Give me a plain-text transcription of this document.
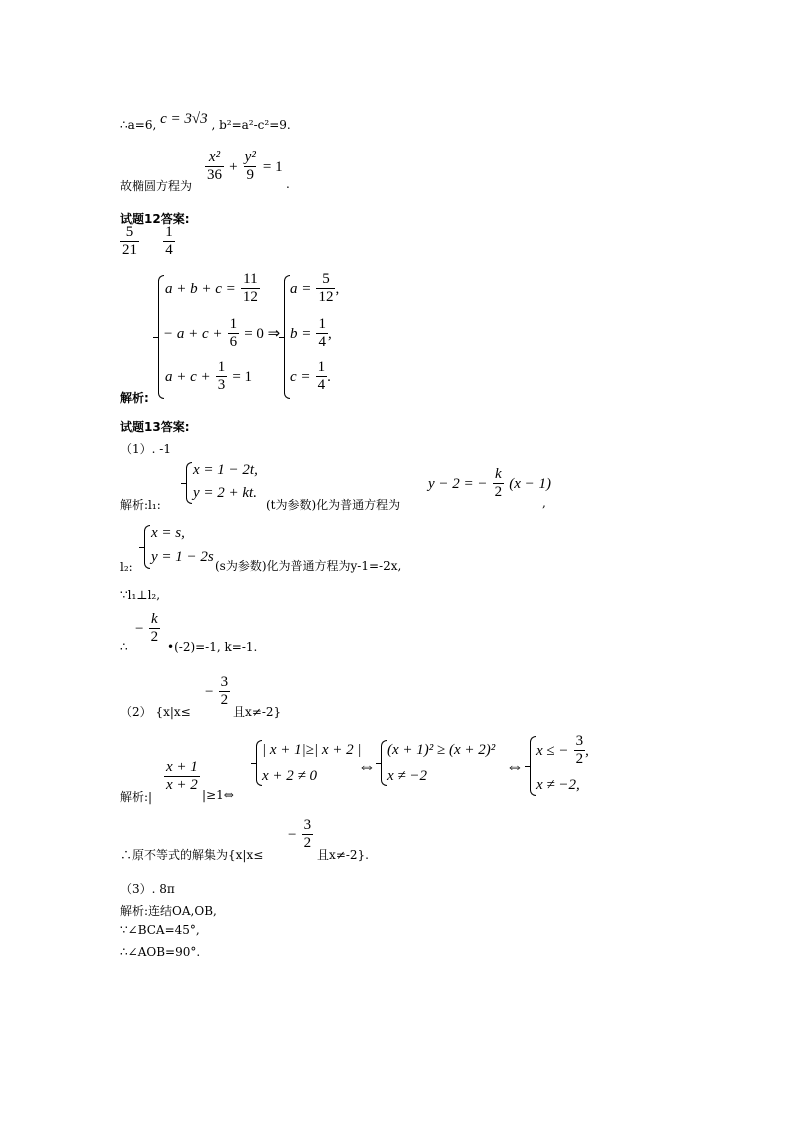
∴a=6, c = 3√3 , b²=a²-c²=9.
故椭圆方程为
$\frac{\text{x²}}{36} + \frac{\text{y²}}{9} = 1$
.
试题12答案:
$\frac{5}{21}$
$\frac{1}{4}$
$a + b + c = \frac{11}{12}$
− $a + c + \frac{1}{6} = 0$ ⇒
$a + c + \frac{1}{3} = 1$
$a = \frac{5}{12}$ ,
$b = \frac{1}{4}$ ,
$c = \frac{1}{4}$ .
解析:
试题13答案:
（1）. -1
解析:l₁:
x = 1 − 2t,
y = 2 + kt.
(t为参数)化为普通方程为
y − 2 = − $\frac{k}{2} (x - 1)$
,
l₂:
x = s,
y = 1 − 2s
(s为参数)化为普通方程为y-1=-2x,
∵l₁⊥l₂,
∴
− $\frac{k}{2}$
•(-2)=-1, k=-1.
（2） {x|x≤
− $\frac{3}{2}$
且x≠-2}
解析:|
$\frac{x + 1}{x + 2}$
|≥1⇔
| x + 1|≥| x + 2 |
x + 2 ≠ 0 ⇔
(x + 1)² ≥ (x + 2)²
x ≠ −2	⇔
x ≤ − $\frac{3}{2}$ ,
x ≠ −2,
∴原不等式的解集为{x|x≤
− $\frac{3}{2}$
且x≠-2}.
（3）. 8π
解析:连结OA,OB,
∵∠BCA=45°,
∴∠AOB=90°.
